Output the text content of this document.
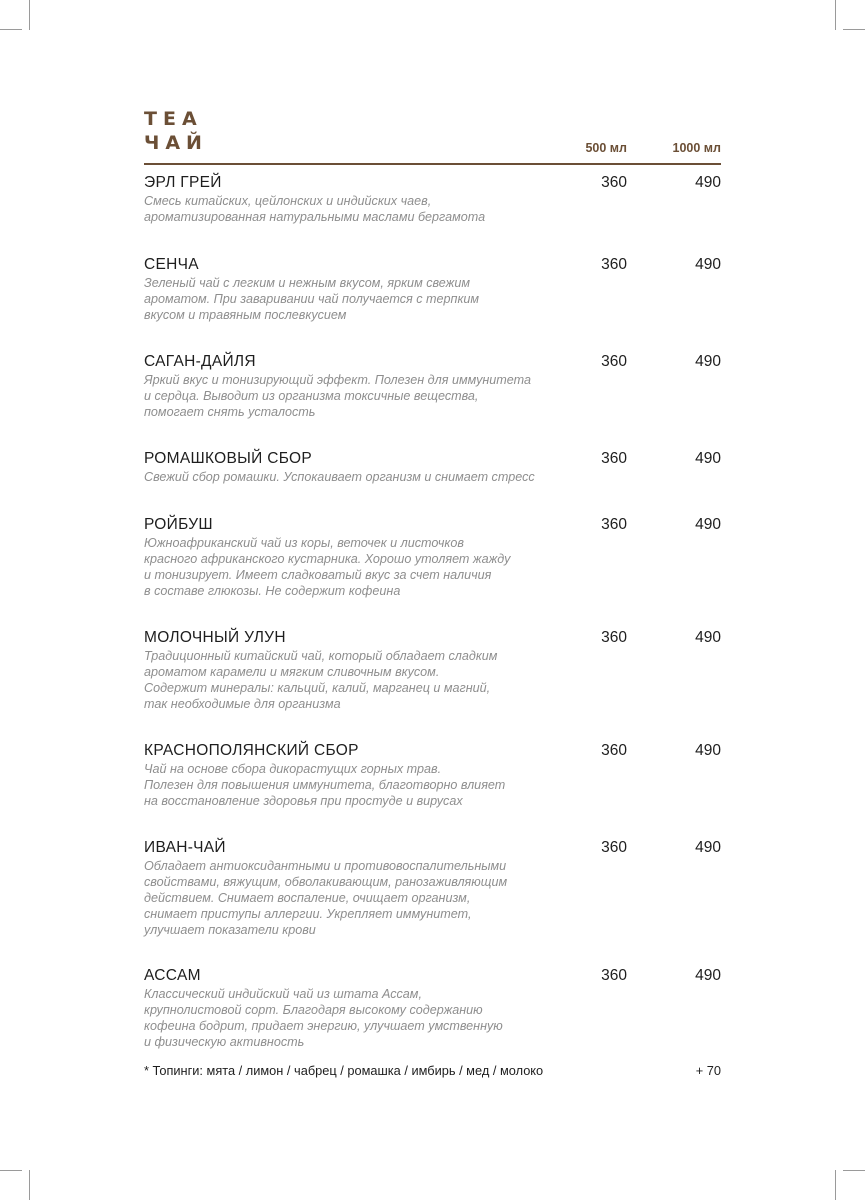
TEA
ЧАЙ	500 мл	1000 мл
ЭРЛ ГРЕЙ
Смесь китайских, цейлонских и индийских чаев,
ароматизированная натуральными маслами бергамота
360	490
СЕНЧА
Зеленый чай с легким и нежным вкусом, ярким свежим
ароматом. При заваривании чай получается с терпким
вкусом и травяным послевкусием
360	490
САГАН-ДАЙЛЯ
Яркий вкус и тонизирующий эффект. Полезен для иммунитета
и сердца. Выводит из организма токсичные вещества,
помогает снять усталость
360	490
РОМАШКОВЫЙ СБОР
Свежий сбор ромашки. Успокаивает организм и снимает стресс
360	490
РОЙБУШ
Южноафриканский чай из коры, веточек и листочков
красного африканского кустарника. Хорошо утоляет жажду
и тонизирует. Имеет сладковатый вкус за счет наличия
в составе глюкозы. Не содержит кофеина
360	490
МОЛОЧНЫЙ УЛУН
Традиционный китайский чай, который обладает сладким
ароматом карамели и мягким сливочным вкусом.
Содержит минералы: кальций, калий, марганец и магний,
так необходимые для организма
360	490
КРАСНОПОЛЯНСКИЙ СБОР
Чай на основе сбора дикорастущих горных трав.
Полезен для повышения иммунитета, благотворно влияет
на восстановление здоровья при простуде и вирусах
360	490
ИВАН-ЧАЙ
Обладает антиоксидантными и противовоспалительными
свойствами, вяжущим, обволакивающим, ранозаживляющим
действием. Снимает воспаление, очищает организм,
снимает приступы аллергии. Укрепляет иммунитет,
улучшает показатели крови
360	490
АССАМ
Классический индийский чай из штата Ассам,
крупнолистовой сорт. Благодаря высокому содержанию
кофеина бодрит, придает энергию, улучшает умственную
и физическую активность
360	490
* Топинги: мята / лимон / чабрец / ромашка / имбирь / мед / молоко	+ 70
